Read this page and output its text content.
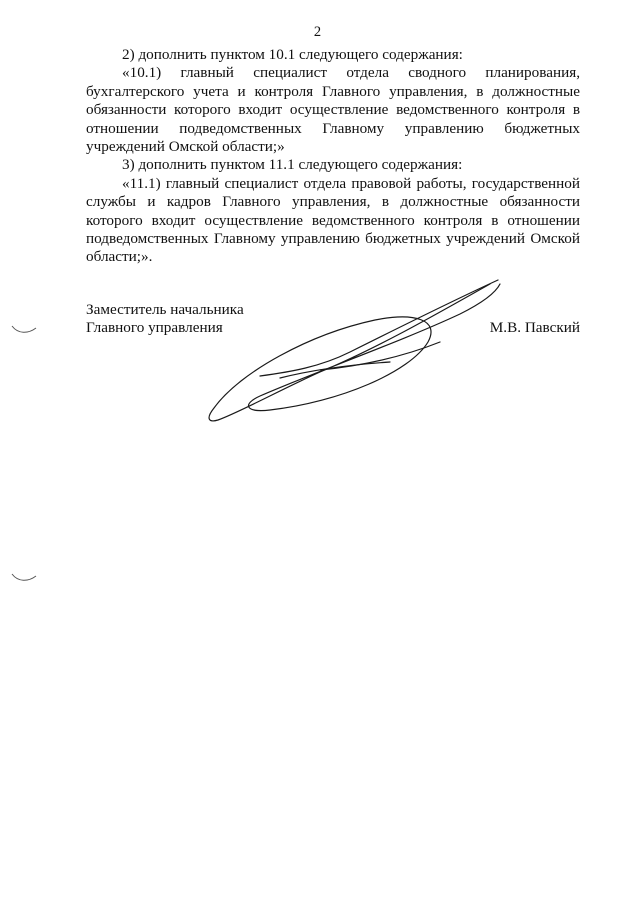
2

2) дополнить пунктом 10.1 следующего содержания:

«10.1) главный специалист отдела сводного планирования, бухгалтерского учета и контроля Главного управления, в должностные обязанности которого входит осуществление ведомственного контроля в отношении подведомственных Главному управлению бюджетных учреждений Омской области;»

3) дополнить пунктом 11.1 следующего содержания:

«11.1) главный специалист отдела правовой работы, государственной службы и кадров Главного управления, в должностные обязанности которого входит осуществление ведомственного контроля в отношении подведомственных Главному управлению бюджетных учреждений Омской области;».

Заместитель начальника

Главного управления	М.В. Павский
